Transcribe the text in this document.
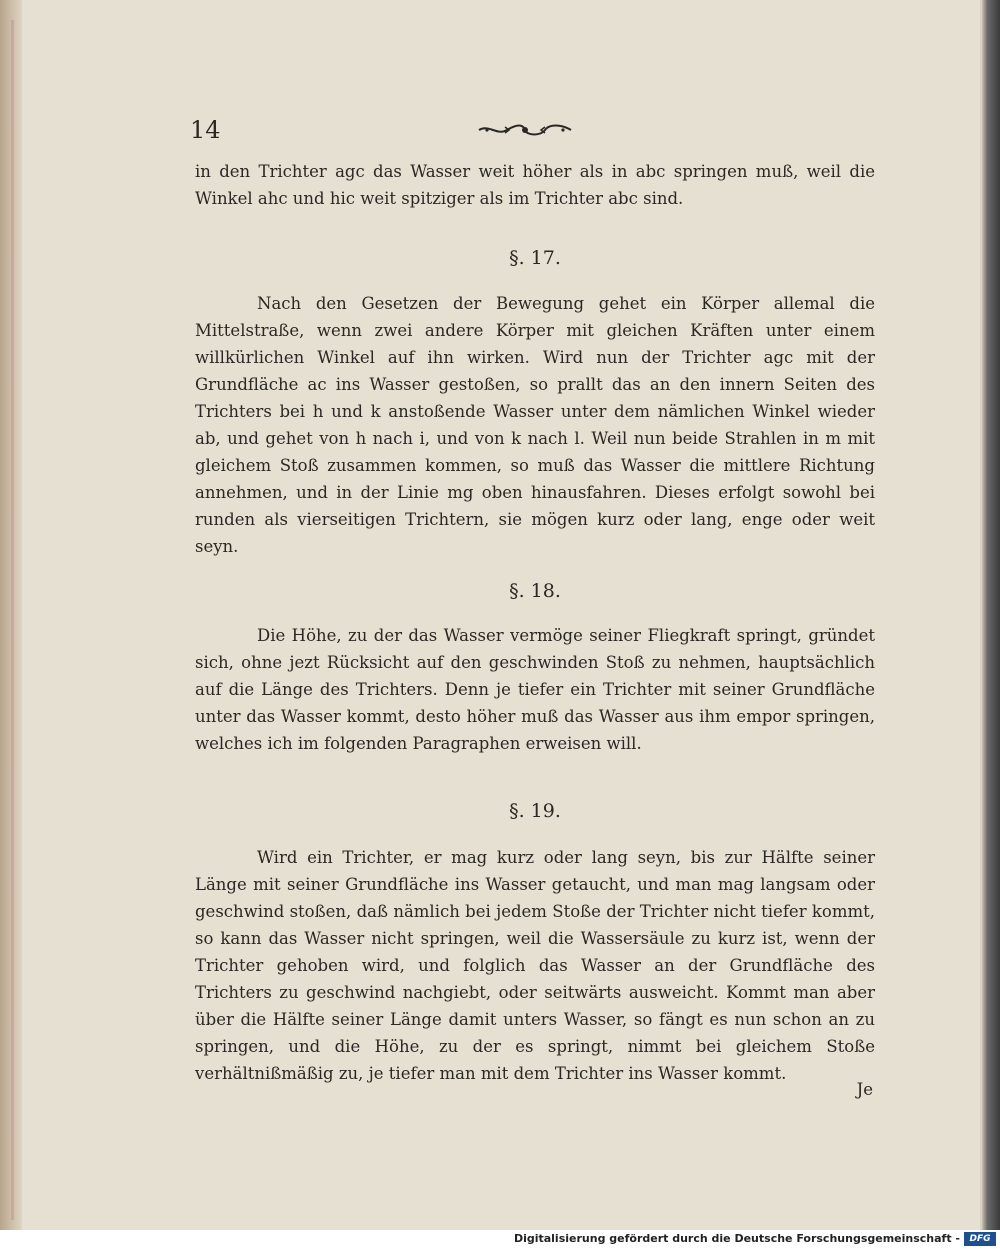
14

in den Trichter agc das Wasser weit höher als in abc springen muß, weil die Winkel ahc und hic weit spitziger als im Trichter abc sind.

§. 17.

Nach den Gesetzen der Bewegung gehet ein Körper allemal die Mittelstraße, wenn zwei andere Körper mit gleichen Kräften unter einem willkürlichen Winkel auf ihn wirken. Wird nun der Trichter agc mit der Grundfläche ac ins Wasser gestoßen, so prallt das an den innern Seiten des Trichters bei h und k anstoßende Wasser unter dem nämlichen Winkel wieder ab, und gehet von h nach i, und von k nach l. Weil nun beide Strahlen in m mit gleichem Stoß zusammen kommen, so muß das Wasser die mittlere Richtung annehmen, und in der Linie mg oben hinausfahren. Dieses erfolgt sowohl bei runden als vierseitigen Trichtern, sie mögen kurz oder lang, enge oder weit seyn.

§. 18.

Die Höhe, zu der das Wasser vermöge seiner Fliegkraft springt, gründet sich, ohne jezt Rücksicht auf den geschwinden Stoß zu nehmen, hauptsächlich auf die Länge des Trichters. Denn je tiefer ein Trichter mit seiner Grundfläche unter das Wasser kommt, desto höher muß das Wasser aus ihm empor springen, welches ich im folgenden Paragraphen erweisen will.

§. 19.

Wird ein Trichter, er mag kurz oder lang seyn, bis zur Hälfte seiner Länge mit seiner Grundfläche ins Wasser getaucht, und man mag langsam oder geschwind stoßen, daß nämlich bei jedem Stoße der Trichter nicht tiefer kommt, so kann das Wasser nicht springen, weil die Wassersäule zu kurz ist, wenn der Trichter gehoben wird, und folglich das Wasser an der Grundfläche des Trichters zu geschwind nachgiebt, oder seitwärts ausweicht. Kommt man aber über die Hälfte seiner Länge damit unters Wasser, so fängt es nun schon an zu springen, und die Höhe, zu der es springt, nimmt bei gleichem Stoße verhältnißmäßig zu, je tiefer man mit dem Trichter ins Wasser kommt.

Je
Digitalisierung gefördert durch die Deutsche Forschungsgemeinschaft -	DFG
